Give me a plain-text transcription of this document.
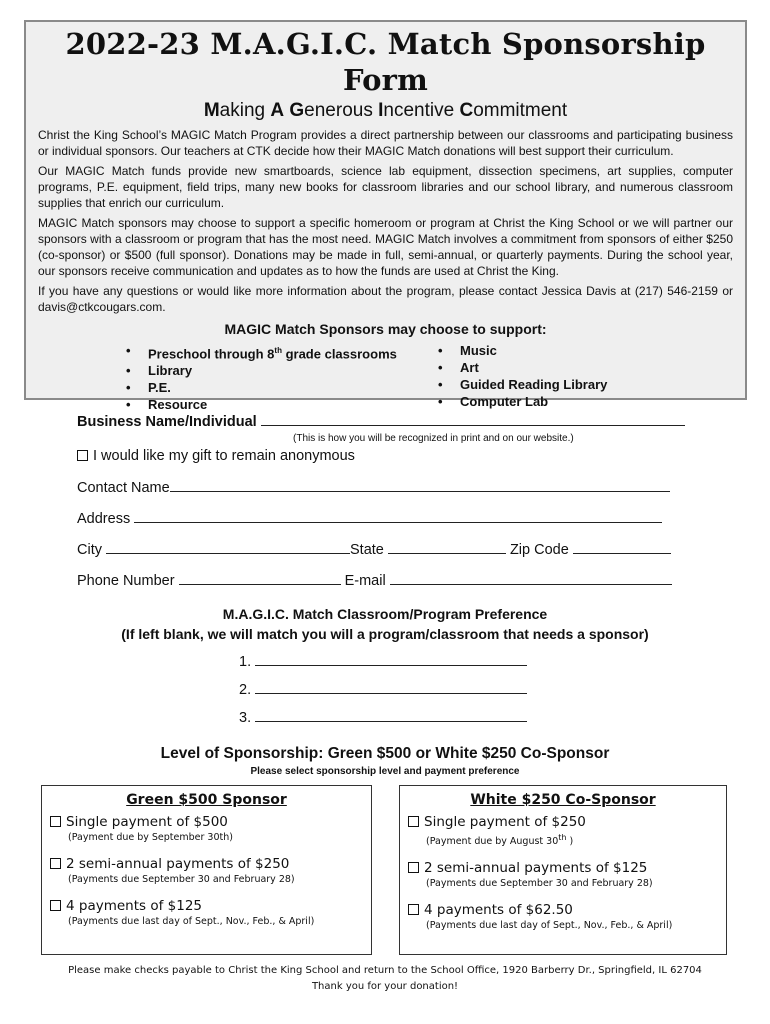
2022-23 M.A.G.I.C. Match Sponsorship Form
Making A Generous Incentive Commitment

Christ the King School’s MAGIC Match Program provides a direct partnership between our classrooms and participating business or individual sponsors. Our teachers at CTK decide how their MAGIC Match donations will best support their curriculum.

Our MAGIC Match funds provide new smartboards, science lab equipment, dissection specimens, art supplies, computer programs, P.E. equipment, field trips, many new books for classroom libraries and our school library, and numerous classroom supplies that enrich our curriculum.

MAGIC Match sponsors may choose to support a specific homeroom or program at Christ the King School or we will partner our sponsors with a classroom or program that has the most need. MAGIC Match involves a commitment from sponsors of either $250 (co-sponsor) or $500 (full sponsor). Donations may be made in full, semi-annual, or quarterly payments. During the school year, our sponsors receive communication and updates as to how the funds are used at Christ the King.

If you have any questions or would like more information about the program, please contact Jessica Davis at (217) 546-2159 or davis@ctkcougars.com.

MAGIC Match Sponsors may choose to support:
• Preschool through 8th grade classrooms
• Library
• P.E.
• Resource
• Music
• Art
• Guided Reading Library
• Computer Lab
Business Name/Individual
(This is how you will be recognized in print and on our website.)
I would like my gift to remain anonymous
Contact Name
Address
City	State	Zip Code
Phone Number	E-mail
M.A.G.I.C. Match Classroom/Program Preference
(If left blank, we will match you will a program/classroom that needs a sponsor)
1.
2.
3.
Level of Sponsorship: Green $500 or White $250 Co-Sponsor
Please select sponsorship level and payment preference
Green $500 Sponsor
Single payment of $500
(Payment due by September 30th)
2 semi-annual payments of $250
(Payments due September 30 and February 28)
4 payments of $125
(Payments due last day of Sept., Nov., Feb., & April)
White $250 Co-Sponsor
Single payment of $250
(Payment due by August 30th )
2 semi-annual payments of $125
(Payments due September 30 and February 28)
4 payments of $62.50
(Payments due last day of Sept., Nov., Feb., & April)
Please make checks payable to Christ the King School and return to the School Office, 1920 Barberry Dr., Springfield, IL 62704
Thank you for your donation!
